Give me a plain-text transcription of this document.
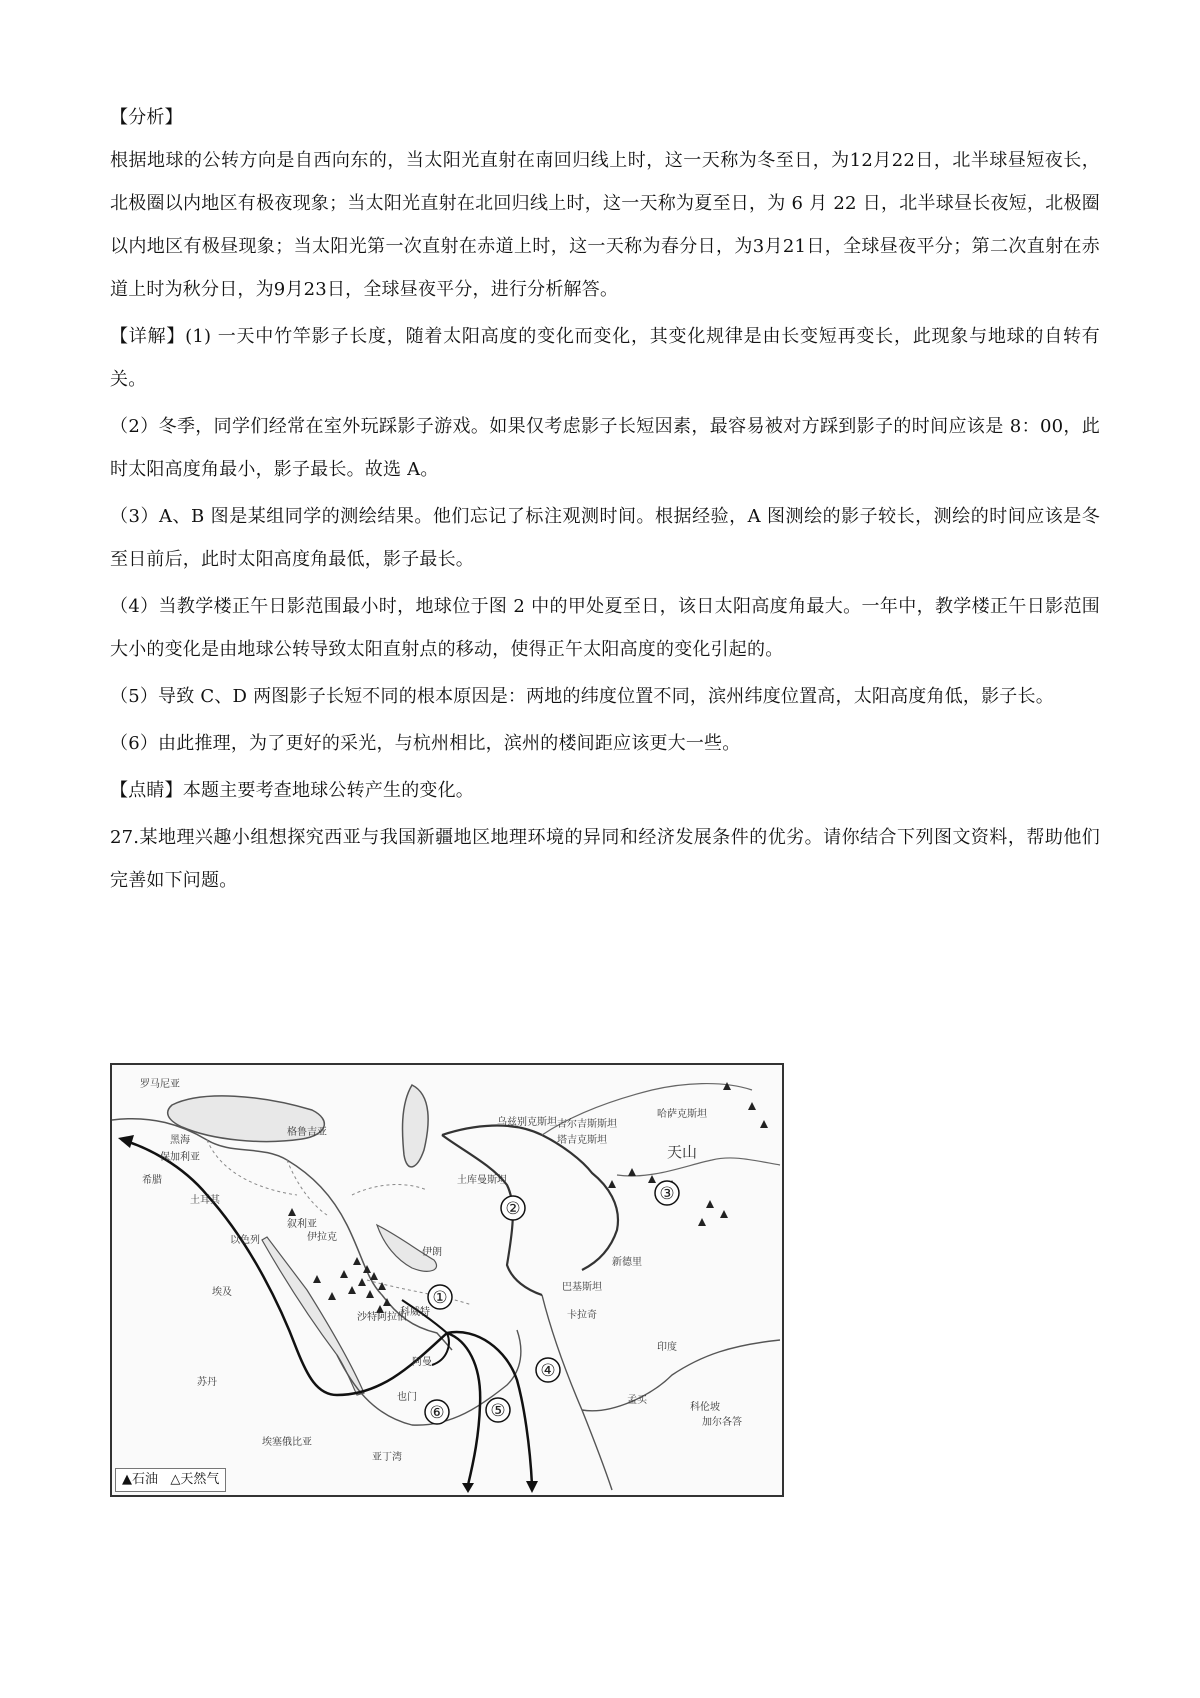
【分析】

根据地球的公转方向是自西向东的，当太阳光直射在南回归线上时，这一天称为冬至日，为12月22日，北半球昼短夜长，北极圈以内地区有极夜现象；当太阳光直射在北回归线上时，这一天称为夏至日，为 6 月 22 日，北半球昼长夜短，北极圈以内地区有极昼现象；当太阳光第一次直射在赤道上时，这一天称为春分日，为3月21日，全球昼夜平分；第二次直射在赤道上时为秋分日，为9月23日，全球昼夜平分，进行分析解答。

【详解】(1) 一天中竹竿影子长度，随着太阳高度的变化而变化，其变化规律是由长变短再变长，此现象与地球的自转有关。

（2）冬季，同学们经常在室外玩踩影子游戏。如果仅考虑影子长短因素，最容易被对方踩到影子的时间应该是 8：00，此时太阳高度角最小，影子最长。故选 A。

（3）A、B 图是某组同学的测绘结果。他们忘记了标注观测时间。根据经验，A 图测绘的影子较长，测绘的时间应该是冬至日前后，此时太阳高度角最低，影子最长。

（4）当教学楼正午日影范围最小时，地球位于图 2 中的甲处夏至日，该日太阳高度角最大。一年中，教学楼正午日影范围大小的变化是由地球公转导致太阳直射点的移动，使得正午太阳高度的变化引起的。

（5）导致 C、D 两图影子长短不同的根本原因是：两地的纬度位置不同，滨州纬度位置高，太阳高度角低，影子长。

（6）由此推理，为了更好的采光，与杭州相比，滨州的楼间距应该更大一些。

【点睛】本题主要考查地球公转产生的变化。

27.某地理兴趣小组想探究西亚与我国新疆地区地理环境的异同和经济发展条件的优劣。请你结合下列图文资料，帮助他们完善如下问题。

罗马尼亚
黑海
保加利亚
希腊
土耳其
格鲁吉亚
乌兹别克斯坦 吉尔吉斯斯坦
哈萨克斯坦
土库曼斯坦
塔吉克斯坦
天山
伊拉克
叙利亚
以色列
埃及
伊朗
巴基斯坦
新德里
卡拉奇
沙特阿拉伯
科威特
也门
阿曼
苏丹
印度
孟买
科伦坡
加尔各答
亚丁湾
埃塞俄比亚
①
②
③
④
⑤
⑥
▲石油 △天然气
